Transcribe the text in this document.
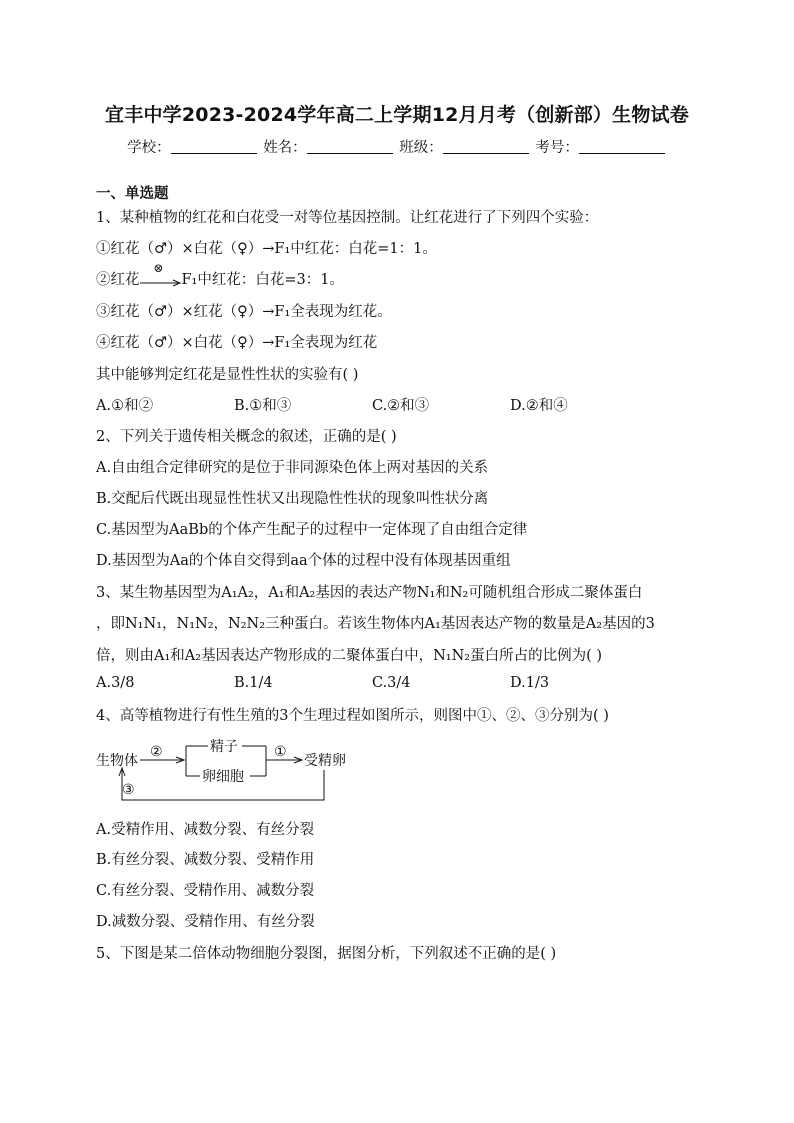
宜丰中学2023-2024学年高二上学期12月月考（创新部）生物试卷
学校：	姓名：	班级：	考号：
一、单选题
1、某种植物的红花和白花受一对等位基因控制。让红花进行了下列四个实验：
①红花（♂）×白花（♀）→F₁中红花：白花=1：1。
②红花
⊗
F₁中红花：白花=3：1。
③红花（♂）×红花（♀）→F₁全表现为红花。
④红花（♂）×白花（♀）→F₁全表现为红花
其中能够判定红花是显性性状的实验有( )
A.①和②	B.①和③	C.②和③	D.②和④
2、下列关于遗传相关概念的叙述，正确的是( )
A.自由组合定律研究的是位于非同源染色体上两对基因的关系
B.交配后代既出现显性性状又出现隐性性状的现象叫性状分离
C.基因型为AaBb的个体产生配子的过程中一定体现了自由组合定律
D.基因型为Aa的个体自交得到aa个体的过程中没有体现基因重组
3、某生物基因型为A₁A₂，A₁和A₂基因的表达产物N₁和N₂可随机组合形成二聚体蛋白
，即N₁N₁，N₁N₂，N₂N₂三种蛋白。若该生物体内A₁基因表达产物的数量是A₂基因的3
倍，则由A₁和A₂基因表达产物形成的二聚体蛋白中，N₁N₂蛋白所占的比例为( )
A.3/8	B.1/4	C.3/4	D.1/3
4、高等植物进行有性生殖的3个生理过程如图所示，则图中①、②、③分别为( )
生物体
②	精子
卵细胞
①
受精卵
③
A.受精作用、减数分裂、有丝分裂
B.有丝分裂、减数分裂、受精作用
C.有丝分裂、受精作用、减数分裂
D.减数分裂、受精作用、有丝分裂
5、下图是某二倍体动物细胞分裂图，据图分析，下列叙述不正确的是( )
